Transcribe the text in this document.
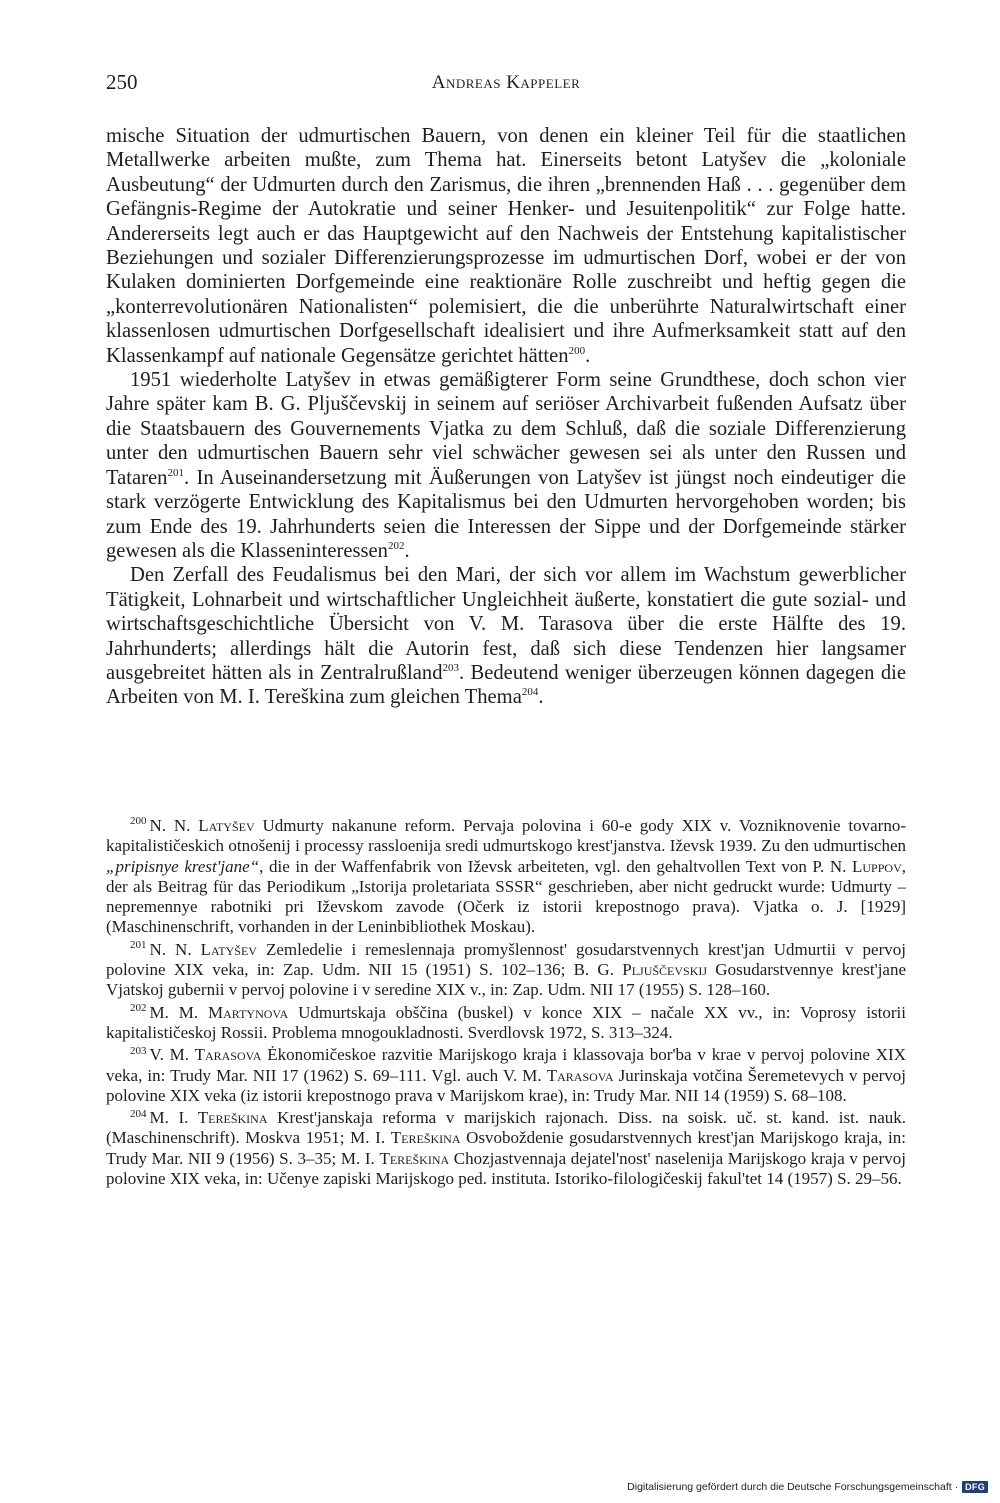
250	Andreas Kappeler

mische Situation der udmurtischen Bauern, von denen ein kleiner Teil für die staatlichen Metallwerke arbeiten mußte, zum Thema hat. Einerseits betont Latyšev die „koloniale Ausbeutung“ der Udmurten durch den Zarismus, die ihren „brennenden Haß . . . gegenüber dem Gefängnis-Regime der Autokratie und seiner Henker- und Jesuitenpolitik“ zur Folge hatte. Andererseits legt auch er das Hauptgewicht auf den Nachweis der Entstehung kapitalistischer Beziehungen und sozialer Differenzierungsprozesse im udmurtischen Dorf, wobei er der von Kulaken dominierten Dorfgemeinde eine reaktionäre Rolle zuschreibt und heftig gegen die „konterrevolutionären Nationalisten“ polemisiert, die die unberührte Naturalwirtschaft einer klassenlosen udmurtischen Dorfgesellschaft idealisiert und ihre Aufmerksamkeit statt auf den Klassenkampf auf nationale Gegensätze gerichtet hätten$^{200}$.

1951 wiederholte Latyšev in etwas gemäßigterer Form seine Grundthese, doch schon vier Jahre später kam B. G. Pljuščevskij in seinem auf seriöser Archivarbeit fußenden Aufsatz über die Staatsbauern des Gouvernements Vjatka zu dem Schluß, daß die soziale Differenzierung unter den udmurtischen Bauern sehr viel schwächer gewesen sei als unter den Russen und Tataren$^{201}$. In Auseinandersetzung mit Äußerungen von Latyšev ist jüngst noch eindeutiger die stark verzögerte Entwicklung des Kapitalismus bei den Udmurten hervorgehoben worden; bis zum Ende des 19. Jahrhunderts seien die Interessen der Sippe und der Dorfgemeinde stärker gewesen als die Klasseninteressen$^{202}$.

Den Zerfall des Feudalismus bei den Mari, der sich vor allem im Wachstum gewerblicher Tätigkeit, Lohnarbeit und wirtschaftlicher Ungleichheit äußerte, konstatiert die gute sozial- und wirtschaftsgeschichtliche Übersicht von V. M. Tarasova über die erste Hälfte des 19. Jahrhunderts; allerdings hält die Autorin fest, daß sich diese Tendenzen hier langsamer ausgebreitet hätten als in Zentralrußland$^{203}$. Bedeutend weniger überzeugen können dagegen die Arbeiten von M. I. Tereškina zum gleichen Thema$^{204}$.

$^{200}$ N. N. Latyšev Udmurty nakanune reform. Pervaja polovina i 60-e gody XIX v. Vozniknovenie tovarno-kapitalističeskich otnošenij i processy rassloenija sredi udmurtskogo krest'janstva. Iževsk 1939. Zu den udmurtischen „pripisnye krest'jane“, die in der Waffenfabrik von Iževsk arbeiteten, vgl. den gehaltvollen Text von P. N. Luppov, der als Beitrag für das Periodikum „Istorija proletariata SSSR“ geschrieben, aber nicht gedruckt wurde: Udmurty – nepremennye rabotniki pri Iževskom zavode (Očerk iz istorii krepostnogo prava). Vjatka o. J. [1929] (Maschinenschrift, vorhanden in der Leninbibliothek Moskau).

$^{201}$ N. N. Latyšev Zemledelie i remeslennaja promyšlennost' gosudarstvennych krest'jan Udmurtii v pervoj polovine XIX veka, in: Zap. Udm. NII 15 (1951) S. 102–136; B. G. Pljuščevskij Gosudarstvennye krest'jane Vjatskoj gubernii v pervoj polovine i v seredine XIX v., in: Zap. Udm. NII 17 (1955) S. 128–160.

$^{202}$ M. M. Martynova Udmurtskaja obščina (buskel) v konce XIX – načale XX vv., in: Voprosy istorii kapitalističeskoj Rossii. Problema mnogoukladnosti. Sverdlovsk 1972, S. 313–324.

$^{203}$ V. M. Tarasova Ėkonomičeskoe razvitie Marijskogo kraja i klassovaja bor'ba v krae v pervoj polovine XIX veka, in: Trudy Mar. NII 17 (1962) S. 69–111. Vgl. auch V. M. Tarasova Jurinskaja votčina Šeremetevych v pervoj polovine XIX veka (iz istorii krepostnogo prava v Marijskom krae), in: Trudy Mar. NII 14 (1959) S. 68–108.

$^{204}$ M. I. Tereškina Krest'janskaja reforma v marijskich rajonach. Diss. na soisk. uč. st. kand. ist. nauk. (Maschinenschrift). Moskva 1951; M. I. Tereškina Osvoboždenie gosudarstvennych krest'jan Marijskogo kraja, in: Trudy Mar. NII 9 (1956) S. 3–35; M. I. Tereškina Chozjastvennaja dejatel'nost' naselenija Marijskogo kraja v pervoj polovine XIX veka, in: Učenye zapiski Marijskogo ped. instituta. Istoriko-filologičeskij fakul'tet 14 (1957) S. 29–56.

Digitalisierung gefördert durch die Deutsche Forschungsgemeinschaft · DFG
